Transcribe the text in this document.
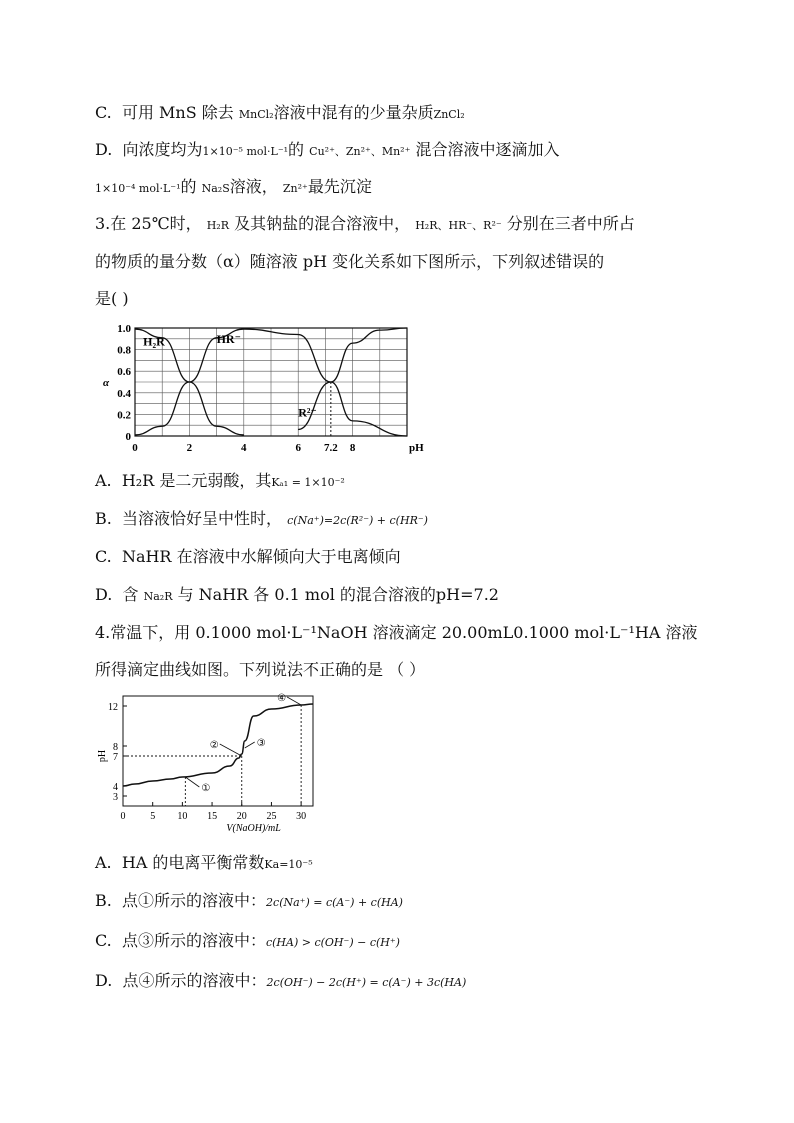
C. 可用 MnS 除去 MnCl₂溶液中混有的少量杂质ZnCl₂
D. 向浓度均为1×10⁻⁵ mol·L⁻¹的 Cu²⁺、Zn²⁺、Mn²⁺ 混合溶液中逐滴加入
1×10⁻⁴ mol·L⁻¹的 Na₂S溶液， Zn²⁺最先沉淀
3.在 25℃时， H₂R 及其钠盐的混合溶液中， H₂R、HR⁻、R²⁻ 分别在三者中所占
的物质的量分数（α）随溶液 pH 变化关系如下图所示，下列叙述错误的
是( )
0
0.2
0.4
0.6
0.8
1.0
0	2	4	6 7.2 8	pH
α
H₂R	HR⁻
R²⁻
A. H₂R 是二元弱酸，其Kₐ₁ = 1×10⁻²
B. 当溶液恰好呈中性时， c(Na⁺)=2c(R²⁻) + c(HR⁻)
C. NaHR 在溶液中水解倾向大于电离倾向
D. 含 Na₂R 与 NaHR 各 0.1 mol 的混合溶液的pH=7.2
4.常温下，用 0.1000 mol·L⁻¹NaOH 溶液滴定 20.00mL0.1000 mol·L⁻¹HA 溶液
所得滴定曲线如图。下列说法不正确的是 （ ）
3
4
7
8
12
0 5 10 15 20 25 30
V(NaOH)/mL
pH
①
②	③
④
A. HA 的电离平衡常数Ka=10⁻⁵
B. 点①所示的溶液中：2c(Na⁺) = c(A⁻) + c(HA)
C. 点③所示的溶液中：c(HA) > c(OH⁻) − c(H⁺)
D. 点④所示的溶液中：2c(OH⁻) − 2c(H⁺) = c(A⁻) + 3c(HA)
